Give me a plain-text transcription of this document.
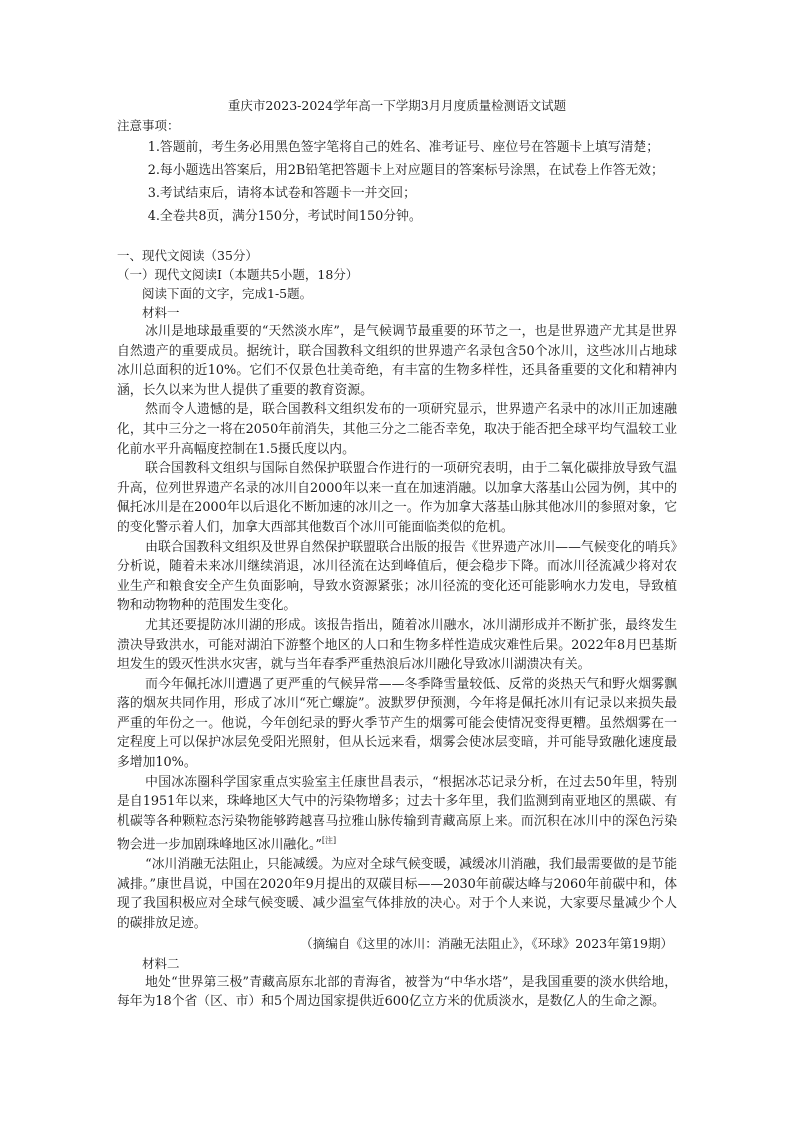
重庆市2023-2024学年高一下学期3月月度质量检测语文试题

注意事项：

1.答题前，考生务必用黑色签字笔将自己的姓名、准考证号、座位号在答题卡上填写清楚；

2.每小题选出答案后，用2B铅笔把答题卡上对应题目的答案标号涂黑，在试卷上作答无效；

3.考试结束后，请将本试卷和答题卡一并交回；

4.全卷共8页，满分150分，考试时间150分钟。

一、现代文阅读（35分）

（一）现代文阅读Ⅰ（本题共5小题，18分）

阅读下面的文字，完成1-5题。

材料一

冰川是地球最重要的“天然淡水库”，是气候调节最重要的环节之一，也是世界遗产尤其是世界自然遗产的重要成员。据统计，联合国教科文组织的世界遗产名录包含50个冰川，这些冰川占地球冰川总面积的近10%。它们不仅景色壮美奇绝，有丰富的生物多样性，还具备重要的文化和精神内涵，长久以来为世人提供了重要的教育资源。

然而令人遗憾的是，联合国教科文组织发布的一项研究显示，世界遗产名录中的冰川正加速融化，其中三分之一将在2050年前消失，其他三分之二能否幸免，取决于能否把全球平均气温较工业化前水平升高幅度控制在1.5摄氏度以内。

联合国教科文组织与国际自然保护联盟合作进行的一项研究表明，由于二氧化碳排放导致气温升高，位列世界遗产名录的冰川自2000年以来一直在加速消融。以加拿大落基山公园为例，其中的佩托冰川是在2000年以后退化不断加速的冰川之一。作为加拿大落基山脉其他冰川的参照对象，它的变化警示着人们，加拿大西部其他数百个冰川可能面临类似的危机。

由联合国教科文组织及世界自然保护联盟联合出版的报告《世界遗产冰川——气候变化的哨兵》分析说，随着未来冰川继续消退，冰川径流在达到峰值后，便会稳步下降。而冰川径流减少将对农业生产和粮食安全产生负面影响，导致水资源紧张；冰川径流的变化还可能影响水力发电，导致植物和动物物种的范围发生变化。

尤其还要提防冰川湖的形成。该报告指出，随着冰川融水，冰川湖形成并不断扩张，最终发生溃决导致洪水，可能对湖泊下游整个地区的人口和生物多样性造成灾难性后果。2022年8月巴基斯坦发生的毁灭性洪水灾害，就与当年春季严重热浪后冰川融化导致冰川湖溃决有关。

而今年佩托冰川遭遇了更严重的气候异常——冬季降雪量较低、反常的炎热天气和野火烟雾飘落的烟灰共同作用，形成了冰川“死亡螺旋”。波默罗伊预测，今年将是佩托冰川有记录以来损失最严重的年份之一。他说，今年创纪录的野火季节产生的烟雾可能会使情况变得更糟。虽然烟雾在一定程度上可以保护冰层免受阳光照射，但从长远来看，烟雾会使冰层变暗，并可能导致融化速度最多增加10%。

中国冰冻圈科学国家重点实验室主任康世昌表示，“根据冰芯记录分析，在过去50年里，特别是自1951年以来，珠峰地区大气中的污染物增多；过去十多年里，我们监测到南亚地区的黑碳、有机碳等各种颗粒态污染物能够跨越喜马拉雅山脉传输到青藏高原上来。而沉积在冰川中的深色污染物会进一步加剧珠峰地区冰川融化。”[注]

“冰川消融无法阻止，只能减缓。为应对全球气候变暖，减缓冰川消融，我们最需要做的是节能减排。”康世昌说，中国在2020年9月提出的双碳目标——2030年前碳达峰与2060年前碳中和，体现了我国积极应对全球气候变暖、减少温室气体排放的决心。对于个人来说，大家要尽量减少个人的碳排放足迹。

（摘编自《这里的冰川：消融无法阻止》，《环球》2023年第19期）

材料二

地处“世界第三极”青藏高原东北部的青海省，被誉为“中华水塔”，是我国重要的淡水供给地，每年为18个省（区、市）和5个周边国家提供近600亿立方米的优质淡水，是数亿人的生命之源。
